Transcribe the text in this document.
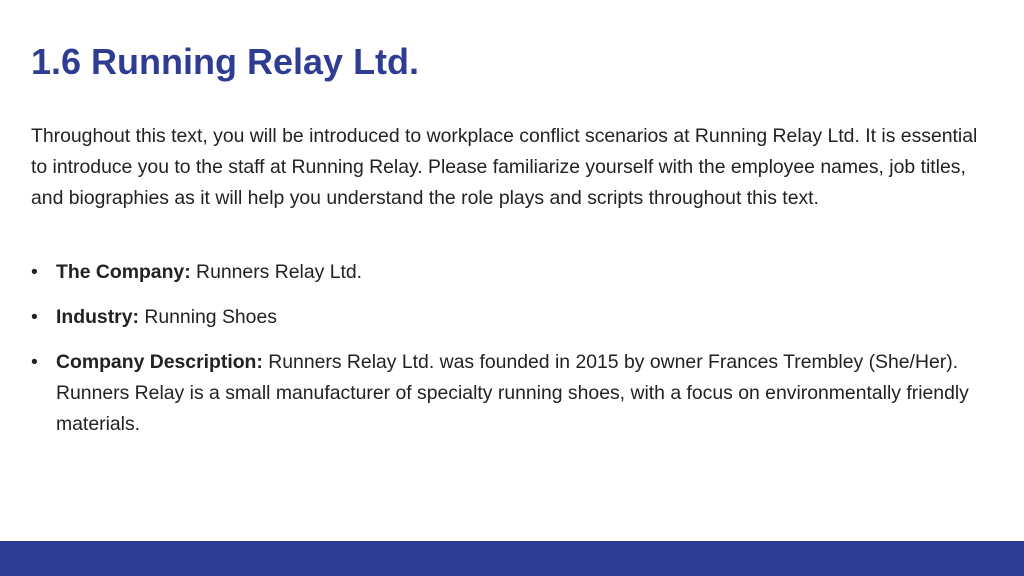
1.6 Running Relay Ltd.

Throughout this text, you will be introduced to workplace conflict scenarios at Running Relay Ltd. It is essential to introduce you to the staff at Running Relay. Please familiarize yourself with the employee names, job titles, and biographies as it will help you understand the role plays and scripts throughout this text.

• The Company: Runners Relay Ltd.
• Industry: Running Shoes
• Company Description: Runners Relay Ltd. was founded in 2015 by owner Frances Trembley (She/Her). Runners Relay is a small manufacturer of specialty running shoes, with a focus on environmentally friendly materials.
